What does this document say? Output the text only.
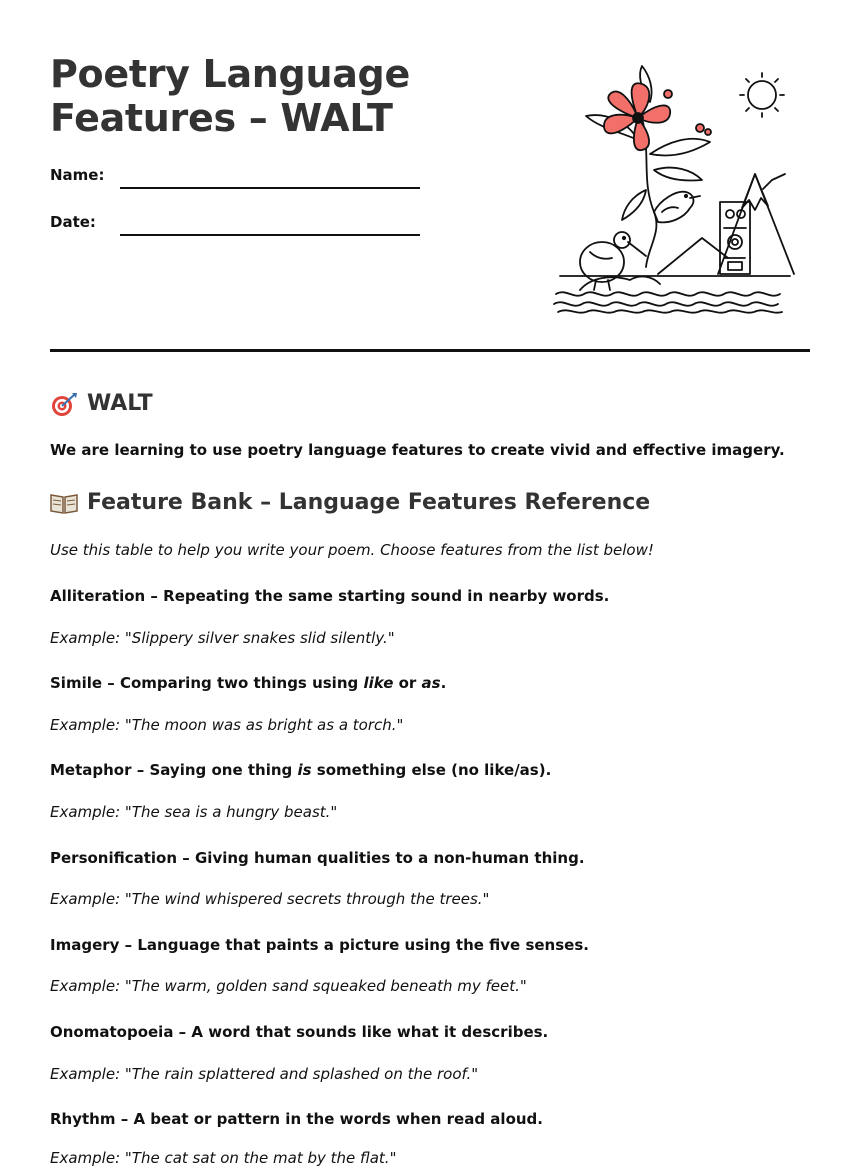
Poetry Language
Features – WALT
Name:
Date:
WALT
We are learning to use poetry language features to create vivid and effective imagery.
Feature Bank – Language Features Reference
Use this table to help you write your poem. Choose features from the list below!
Alliteration – Repeating the same starting sound in nearby words.
Example: "Slippery silver snakes slid silently."
Simile – Comparing two things using like or as.
Example: "The moon was as bright as a torch."
Metaphor – Saying one thing is something else (no like/as).
Example: "The sea is a hungry beast."
Personification – Giving human qualities to a non-human thing.
Example: "The wind whispered secrets through the trees."
Imagery – Language that paints a picture using the five senses.
Example: "The warm, golden sand squeaked beneath my feet."
Onomatopoeia – A word that sounds like what it describes.
Example: "The rain splattered and splashed on the roof."
Rhythm – A beat or pattern in the words when read aloud.
Example: "The cat sat on the mat by the flat."
